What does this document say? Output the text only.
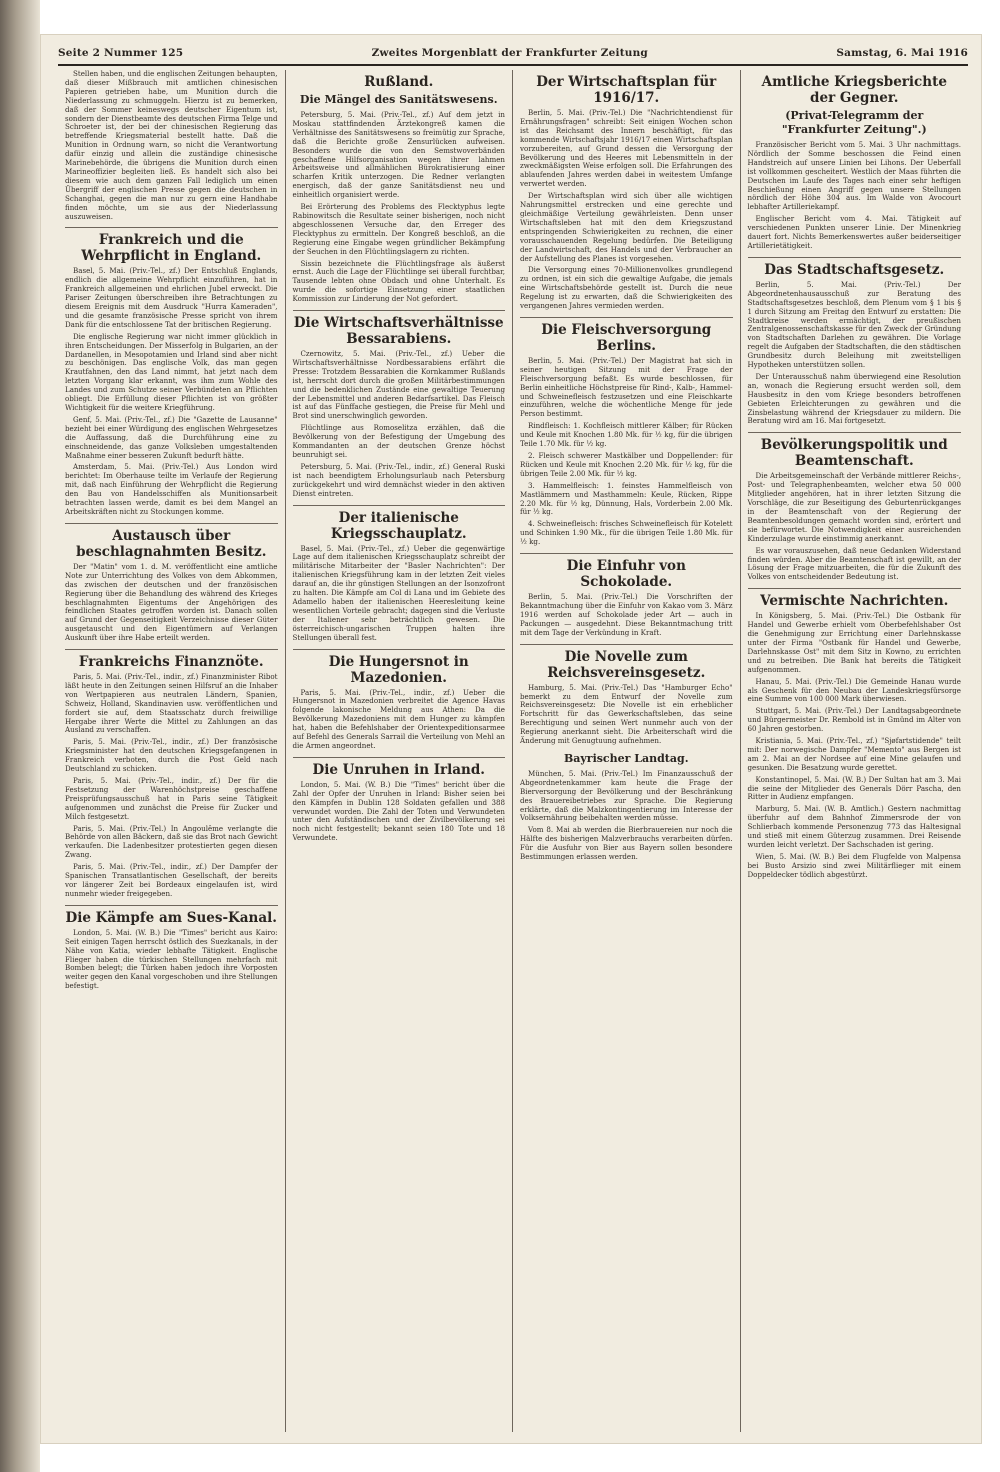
Seite 2 Nummer 125	Zweites Morgenblatt der Frankfurter Zeitung	Samstag, 6. Mai 1916

Stellen haben, und die englischen Zeitungen behaupten, daß dieser Mißbrauch mit amtlichen chinesischen Papieren getrieben habe, um Munition durch die Niederlassung zu schmuggeln. Hierzu ist zu bemerken, daß der Sommer keineswegs deutscher Eigentum ist, sondern der Dienstbeamte des deutschen Firma Telge und Schroeter ist, der bei der chinesischen Regierung das betreffende Kriegsmaterial bestellt hatte. Daß die Munition in Ordnung warn, so nicht die Verantwortung dafür einzig und allein die zuständige chinesische Marinebehörde, die übrigens die Munition durch einen Marineoffizier begleiten ließ. Es handelt sich also bei diesem wie auch dem ganzen Fall lediglich um einen Übergriff der englischen Presse gegen die deutschen in Schanghai, gegen die man nur zu gern eine Handhabe finden möchte, um sie aus der Niederlassung auszuweisen.

Frankreich und die Wehrpflicht in England.

Basel, 5. Mai. (Priv.-Tel., zf.) Der Entschluß Englands, endlich die allgemeine Wehrpflicht einzuführen, hat in Frankreich allgemeinen und ehrlichen Jubel erweckt. Die Pariser Zeitungen überschreiben ihre Betrachtungen zu diesem Ereignis mit dem Ausdruck "Hurra Kameraden", und die gesamte französische Presse spricht von ihrem Dank für die entschlossene Tat der britischen Regierung.

Die englische Regierung war nicht immer glücklich in ihren Entscheidungen. Der Misserfolg in Bulgarien, an der Dardanellen, in Mesopotamien und Irland sind aber nicht zu beschönigen. Das englische Volk, das man gegen Krautfahnen, den das Land nimmt, hat jetzt nach dem letzten Vorgang klar erkannt, was ihm zum Wohle des Landes und zum Schutze seiner Verbündeten an Pflichten obliegt. Die Erfüllung dieser Pflichten ist von größter Wichtigkeit für die weitere Kriegführung.

Genf, 5. Mai. (Priv.-Tel., zf.) Die "Gazette de Lausanne" bezieht bei einer Würdigung des englischen Wehrgesetzes die Auffassung, daß die Durchführung eine zu einschneidende, das ganze Volksleben umgestaltenden Maßnahme einer besseren Zukunft bedurft hätte.

Amsterdam, 5. Mai. (Priv.-Tel.) Aus London wird berichtet: Im Oberhause teilte im Verlaufe der Regierung mit, daß nach Einführung der Wehrpflicht die Regierung den Bau von Handelsschiffen als Munitionsarbeit betrachten lassen werde, damit es bei dem Mangel an Arbeitskräften nicht zu Stockungen komme.

Austausch über beschlagnahmten Besitz.

Der "Matin" vom 1. d. M. veröffentlicht eine amtliche Note zur Unterrichtung des Volkes von dem Abkommen, das zwischen der deutschen und der französischen Regierung über die Behandlung des während des Krieges beschlagnahmten Eigentums der Angehörigen des feindlichen Staates getroffen worden ist. Danach sollen auf Grund der Gegenseitigkeit Verzeichnisse dieser Güter ausgetauscht und den Eigentümern auf Verlangen Auskunft über ihre Habe erteilt werden.

Frankreichs Finanznöte.

Paris, 5. Mai. (Priv.-Tel., indir., zf.) Finanzminister Ribot läßt heute in den Zeitungen seinen Hilfsruf an die Inhaber von Wertpapieren aus neutralen Ländern, Spanien, Schweiz, Holland, Skandinavien usw. veröffentlichen und fordert sie auf, dem Staatsschatz durch freiwillige Hergabe ihrer Werte die Mittel zu Zahlungen an das Ausland zu verschaffen.

Paris, 5. Mai. (Priv.-Tel., indir., zf.) Der französische Kriegsminister hat den deutschen Kriegsgefangenen in Frankreich verboten, durch die Post Geld nach Deutschland zu schicken.

Paris, 5. Mai. (Priv.-Tel., indir., zf.) Der für die Festsetzung der Warenhöchstpreise geschaffene Preisprüfungsausschuß hat in Paris seine Tätigkeit aufgenommen und zunächst die Preise für Zucker und Milch festgesetzt.

Paris, 5. Mai. (Priv.-Tel.) In Angoulême verlangte die Behörde von allen Bäckern, daß sie das Brot nach Gewicht verkaufen. Die Ladenbesitzer protestierten gegen diesen Zwang.

Paris, 5. Mai. (Priv.-Tel., indir., zf.) Der Dampfer der Spanischen Transatlantischen Gesellschaft, der bereits vor längerer Zeit bei Bordeaux eingelaufen ist, wird nunmehr wieder freigegeben.

Die Kämpfe am Sues-Kanal.

London, 5. Mai. (W. B.) Die "Times" bericht aus Kairo: Seit einigen Tagen herrscht östlich des Suezkanals, in der Nähe von Katia, wieder lebhafte Tätigkeit. Englische Flieger haben die türkischen Stellungen mehrfach mit Bomben belegt; die Türken haben jedoch ihre Vorposten weiter gegen den Kanal vorgeschoben und ihre Stellungen befestigt.

Rußland.
Die Mängel des Sanitätswesens.

Petersburg, 5. Mai. (Priv.-Tel., zf.) Auf dem jetzt in Moskau stattfindenden Ärztekongreß kamen die Verhältnisse des Sanitätswesens so freimütig zur Sprache, daß die Berichte große Zensurlücken aufweisen. Besonders wurde die von den Semstwoverbänden geschaffene Hilfsorganisation wegen ihrer lahmen Arbeitsweise und allmählichen Bürokratisierung einer scharfen Kritik unterzogen. Die Redner verlangten energisch, daß der ganze Sanitätsdienst neu und einheitlich organisiert werde.

Bei Erörterung des Problems des Flecktyphus legte Rabinowitsch die Resultate seiner bisherigen, noch nicht abgeschlossenen Versuche dar, den Erreger des Flecktyphus zu ermitteln. Der Kongreß beschloß, an die Regierung eine Eingabe wegen gründlicher Bekämpfung der Seuchen in den Flüchtlingslagern zu richten.

Sissin bezeichnete die Flüchtlingsfrage als äußerst ernst. Auch die Lage der Flüchtlinge sei überall furchtbar, Tausende lebten ohne Obdach und ohne Unterhalt. Es wurde die sofortige Einsetzung einer staatlichen Kommission zur Linderung der Not gefordert.

Die Wirtschaftsverhältnisse Bessarabiens.

Czernowitz, 5. Mai. (Priv.-Tel., zf.) Ueber die Wirtschaftsverhältnisse Nordbessarabiens erfährt die Presse: Trotzdem Bessarabien die Kornkammer Rußlands ist, herrscht dort durch die großen Militärbestimmungen und die bedenklichen Zustände eine gewaltige Teuerung der Lebensmittel und anderen Bedarfsartikel. Das Fleisch ist auf das Fünffache gestiegen, die Preise für Mehl und Brot sind unerschwinglich geworden.

Flüchtlinge aus Romoselitza erzählen, daß die Bevölkerung von der Befestigung der Umgebung des Kommandanten an der deutschen Grenze höchst beunruhigt sei.

Petersburg, 5. Mai. (Priv.-Tel., indir., zf.) General Ruski ist nach beendigtem Erholungsurlaub nach Petersburg zurückgekehrt und wird demnächst wieder in den aktiven Dienst eintreten.

Der italienische Kriegsschauplatz.

Basel, 5. Mai. (Priv.-Tel., zf.) Ueber die gegenwärtige Lage auf dem italienischen Kriegsschauplatz schreibt der militärische Mitarbeiter der "Basler Nachrichten": Der italienischen Kriegsführung kam in der letzten Zeit vieles darauf an, die ihr günstigen Stellungen an der Isonzofront zu halten. Die Kämpfe am Col di Lana und im Gebiete des Adamello haben der italienischen Heeresleitung keine wesentlichen Vorteile gebracht; dagegen sind die Verluste der Italiener sehr beträchtlich gewesen. Die österreichisch-ungarischen Truppen halten ihre Stellungen überall fest.

Die Hungersnot in Mazedonien.

Paris, 5. Mai. (Priv.-Tel., indir., zf.) Ueber die Hungersnot in Mazedonien verbreitet die Agence Havas folgende lakonische Meldung aus Athen: Da die Bevölkerung Mazedoniens mit dem Hunger zu kämpfen hat, haben die Befehlshaber der Orientexpeditionsarmee auf Befehl des Generals Sarrail die Verteilung von Mehl an die Armen angeordnet.

Die Unruhen in Irland.

London, 5. Mai. (W. B.) Die "Times" bericht über die Zahl der Opfer der Unruhen in Irland: Bisher seien bei den Kämpfen in Dublin 128 Soldaten gefallen und 388 verwundet worden. Die Zahl der Toten und Verwundeten unter den Aufständischen und der Zivilbevölkerung sei noch nicht festgestellt; bekannt seien 180 Tote und 18 Verwundete.

Der Wirtschaftsplan für 1916/17.

Berlin, 5. Mai. (Priv.-Tel.) Die "Nachrichtendienst für Ernährungsfragen" schreibt: Seit einigen Wochen schon ist das Reichsamt des Innern beschäftigt, für das kommende Wirtschaftsjahr 1916/17 einen Wirtschaftsplan vorzubereiten, auf Grund dessen die Versorgung der Bevölkerung und des Heeres mit Lebensmitteln in der zweckmäßigsten Weise erfolgen soll. Die Erfahrungen des ablaufenden Jahres werden dabei in weitestem Umfange verwertet werden.

Der Wirtschaftsplan wird sich über alle wichtigen Nahrungsmittel erstrecken und eine gerechte und gleichmäßige Verteilung gewährleisten. Denn unser Wirtschaftsleben hat mit den dem Kriegszustand entspringenden Schwierigkeiten zu rechnen, die einer vorausschauenden Regelung bedürfen. Die Beteiligung der Landwirtschaft, des Handels und der Verbraucher an der Aufstellung des Planes ist vorgesehen.

Die Versorgung eines 70-Millionenvolkes grundlegend zu ordnen, ist ein sich die gewaltige Aufgabe, die jemals eine Wirtschaftsbehörde gestellt ist. Durch die neue Regelung ist zu erwarten, daß die Schwierigkeiten des vergangenen Jahres vermieden werden.

Die Fleischversorgung Berlins.

Berlin, 5. Mai. (Priv.-Tel.) Der Magistrat hat sich in seiner heutigen Sitzung mit der Frage der Fleischversorgung befaßt. Es wurde beschlossen, für Berlin einheitliche Höchstpreise für Rind-, Kalb-, Hammel- und Schweinefleisch festzusetzen und eine Fleischkarte einzuführen, welche die wöchentliche Menge für jede Person bestimmt.

Rindfleisch: 1. Kochfleisch mittlerer Kälber; für Rücken und Keule mit Knochen 1.80 Mk. für ½ kg, für die übrigen Teile 1.70 Mk. für ½ kg.

2. Fleisch schwerer Mastkälber und Doppellender: für Rücken und Keule mit Knochen 2.20 Mk. für ½ kg, für die übrigen Teile 2.00 Mk. für ½ kg.

3. Hammelfleisch: 1. feinstes Hammelfleisch von Mastlämmern und Masthammeln: Keule, Rücken, Rippe 2.20 Mk. für ½ kg, Dünnung, Hals, Vorderbein 2.00 Mk. für ½ kg.

4. Schweinefleisch: frisches Schweinefleisch für Kotelett und Schinken 1.90 Mk., für die übrigen Teile 1.80 Mk. für ½ kg.

Die Einfuhr von Schokolade.

Berlin, 5. Mai. (Priv.-Tel.) Die Vorschriften der Bekanntmachung über die Einfuhr von Kakao vom 3. März 1916 werden auf Schokolade jeder Art — auch in Packungen — ausgedehnt. Diese Bekanntmachung tritt mit dem Tage der Verkündung in Kraft.

Die Novelle zum Reichsvereinsgesetz.

Hamburg, 5. Mai. (Priv.-Tel.) Das "Hamburger Echo" bemerkt zu dem Entwurf der Novelle zum Reichsvereinsgesetz: Die Novelle ist ein erheblicher Fortschritt für das Gewerkschaftsleben, das seine Berechtigung und seinen Wert nunmehr auch von der Regierung anerkannt sieht. Die Arbeiterschaft wird die Änderung mit Genugtuung aufnehmen.

Bayrischer Landtag.

München, 5. Mai. (Priv.-Tel.) Im Finanzausschuß der Abgeordnetenkammer kam heute die Frage der Bierversorgung der Bevölkerung und der Beschränkung des Brauereibetriebes zur Sprache. Die Regierung erklärte, daß die Malzkontingentierung im Interesse der Volksernährung beibehalten werden müsse.

Vom 8. Mai ab werden die Bierbrauereien nur noch die Hälfte des bisherigen Malzverbrauchs verarbeiten dürfen. Für die Ausfuhr von Bier aus Bayern sollen besondere Bestimmungen erlassen werden.

Amtliche Kriegsberichte der Gegner.
(Privat-Telegramm der "Frankfurter Zeitung".)

Französischer Bericht vom 5. Mai. 3 Uhr nachmittags. Nördlich der Somme beschossen die Feind einen Handstreich auf unsere Linien bei Lihons. Der Ueberfall ist vollkommen gescheitert. Westlich der Maas führten die Deutschen im Laufe des Tages nach einer sehr heftigen Beschießung einen Angriff gegen unsere Stellungen nördlich der Höhe 304 aus. Im Walde von Avocourt lebhafter Artilleriekampf.

Englischer Bericht vom 4. Mai. Tätigkeit auf verschiedenen Punkten unserer Linie. Der Minenkrieg dauert fort. Nichts Bemerkenswertes außer beiderseitiger Artillerietätigkeit.

Das Stadtschaftsgesetz.

Berlin, 5. Mai. (Priv.-Tel.) Der Abgeordnetenhausausschuß zur Beratung des Stadtschaftsgesetzes beschloß, dem Plenum vom § 1 bis § 1 durch Sitzung am Freitag den Entwurf zu erstatten: Die Stadtkreise werden ermächtigt, der preußischen Zentralgenossenschaftskasse für den Zweck der Gründung von Stadtschaften Darlehen zu gewähren. Die Vorlage regelt die Aufgaben der Stadtschaften, die den städtischen Grundbesitz durch Beleihung mit zweitstelligen Hypotheken unterstützen sollen.

Der Unterausschuß nahm überwiegend eine Resolution an, wonach die Regierung ersucht werden soll, dem Hausbesitz in den vom Kriege besonders betroffenen Gebieten Erleichterungen zu gewähren und die Zinsbelastung während der Kriegsdauer zu mildern. Die Beratung wird am 16. Mai fortgesetzt.

Bevölkerungspolitik und Beamtenschaft.

Die Arbeitsgemeinschaft der Verbände mittlerer Reichs-, Post- und Telegraphenbeamten, welcher etwa 50 000 Mitglieder angehören, hat in ihrer letzten Sitzung die Vorschläge, die zur Beseitigung des Geburtenrückganges in der Beamtenschaft von der Regierung der Beamtenbesoldungen gemacht worden sind, erörtert und sie befürwortet. Die Notwendigkeit einer ausreichenden Kinderzulage wurde einstimmig anerkannt.

Es war vorauszusehen, daß neue Gedanken Widerstand finden würden. Aber die Beamtenschaft ist gewillt, an der Lösung der Frage mitzuarbeiten, die für die Zukunft des Volkes von entscheidender Bedeutung ist.

Vermischte Nachrichten.

In Königsberg, 5. Mai. (Priv.-Tel.) Die Ostbank für Handel und Gewerbe erhielt vom Oberbefehlshaber Ost die Genehmigung zur Errichtung einer Darlehnskasse unter der Firma "Ostbank für Handel und Gewerbe, Darlehnskasse Ost" mit dem Sitz in Kowno, zu errichten und zu betreiben. Die Bank hat bereits die Tätigkeit aufgenommen.

Hanau, 5. Mai. (Priv.-Tel.) Die Gemeinde Hanau wurde als Geschenk für den Neubau der Landeskriegsfürsorge eine Summe von 100 000 Mark überwiesen.

Stuttgart, 5. Mai. (Priv.-Tel.) Der Landtagsabgeordnete und Bürgermeister Dr. Rembold ist in Gmünd im Alter von 60 Jahren gestorben.

Kristiania, 5. Mai. (Priv.-Tel., zf.) "Sjøfartstidende" teilt mit: Der norwegische Dampfer "Memento" aus Bergen ist am 2. Mai an der Nordsee auf eine Mine gelaufen und gesunken. Die Besatzung wurde gerettet.

Konstantinopel, 5. Mai. (W. B.) Der Sultan hat am 3. Mai die seine der Mitglieder des Generals Dörr Pascha, den Ritter in Audienz empfangen.

Marburg, 5. Mai. (W. B. Amtlich.) Gestern nachmittag überfuhr auf dem Bahnhof Zimmersrode der von Schlierbach kommende Personenzug 773 das Haltesignal und stieß mit einem Güterzug zusammen. Drei Reisende wurden leicht verletzt. Der Sachschaden ist gering.

Wien, 5. Mai. (W. B.) Bei dem Flugfelde von Malpensa bei Busto Arsizio sind zwei Militärflieger mit einem Doppeldecker tödlich abgestürzt.
